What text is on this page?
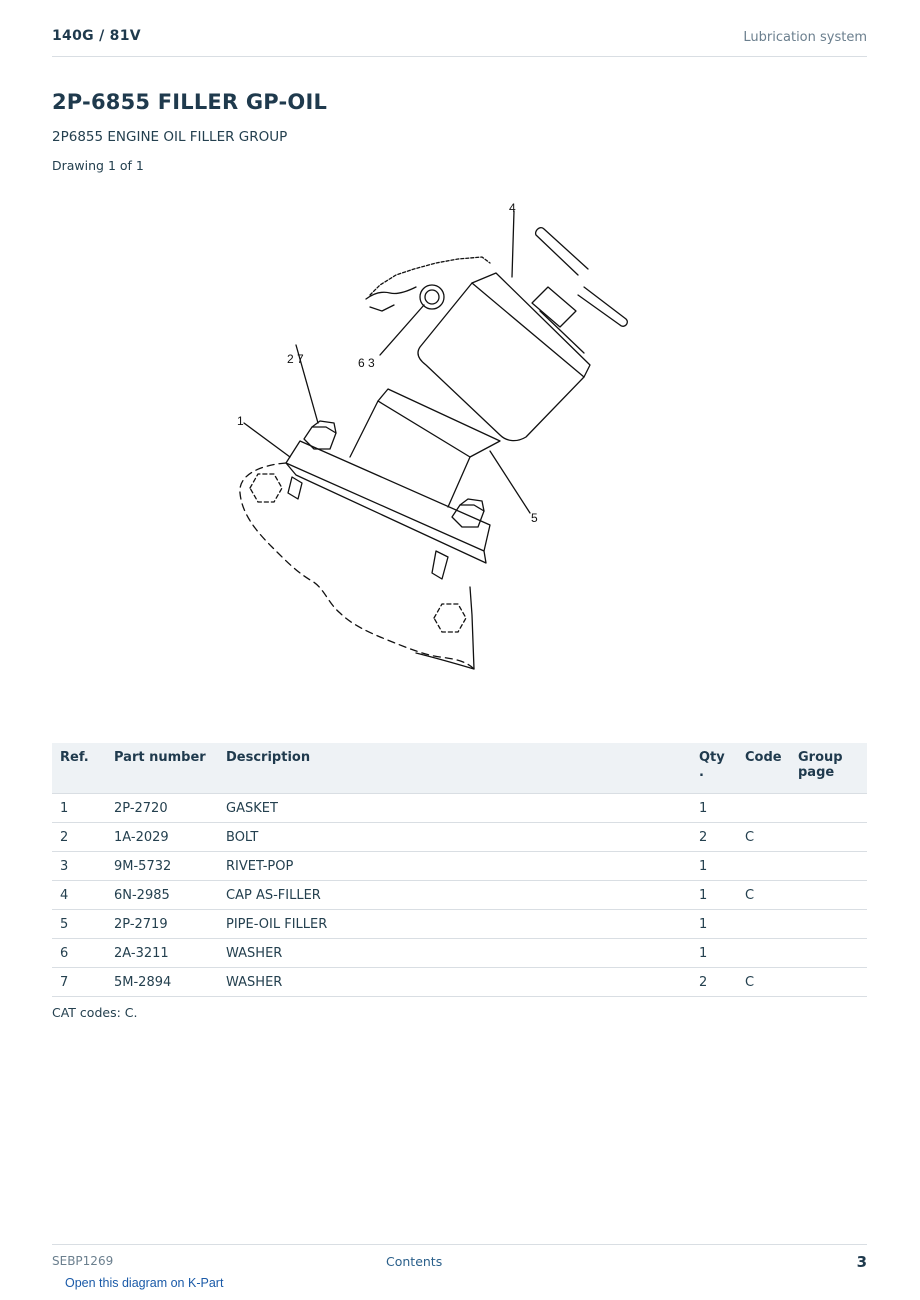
140G / 81V	Lubrication system
2P-6855 FILLER GP-OIL
2P6855 ENGINE OIL FILLER GROUP
Drawing 1 of 1
4
2 7	6 3
1
5
Ref.	Part number	Description	Qty .	Code	Group page
1	2P-2720	GASKET	1		
2	1A-2029	BOLT	2	C	
3	9M-5732	RIVET-POP	1		
4	6N-2985	CAP AS-FILLER	1	C	
5	2P-2719	PIPE-OIL FILLER	1		
6	2A-3211	WASHER	1		
7	5M-2894	WASHER	2	C	
CAT codes: C.
SEBP1269	Contents	3
Open this diagram on K-Part
